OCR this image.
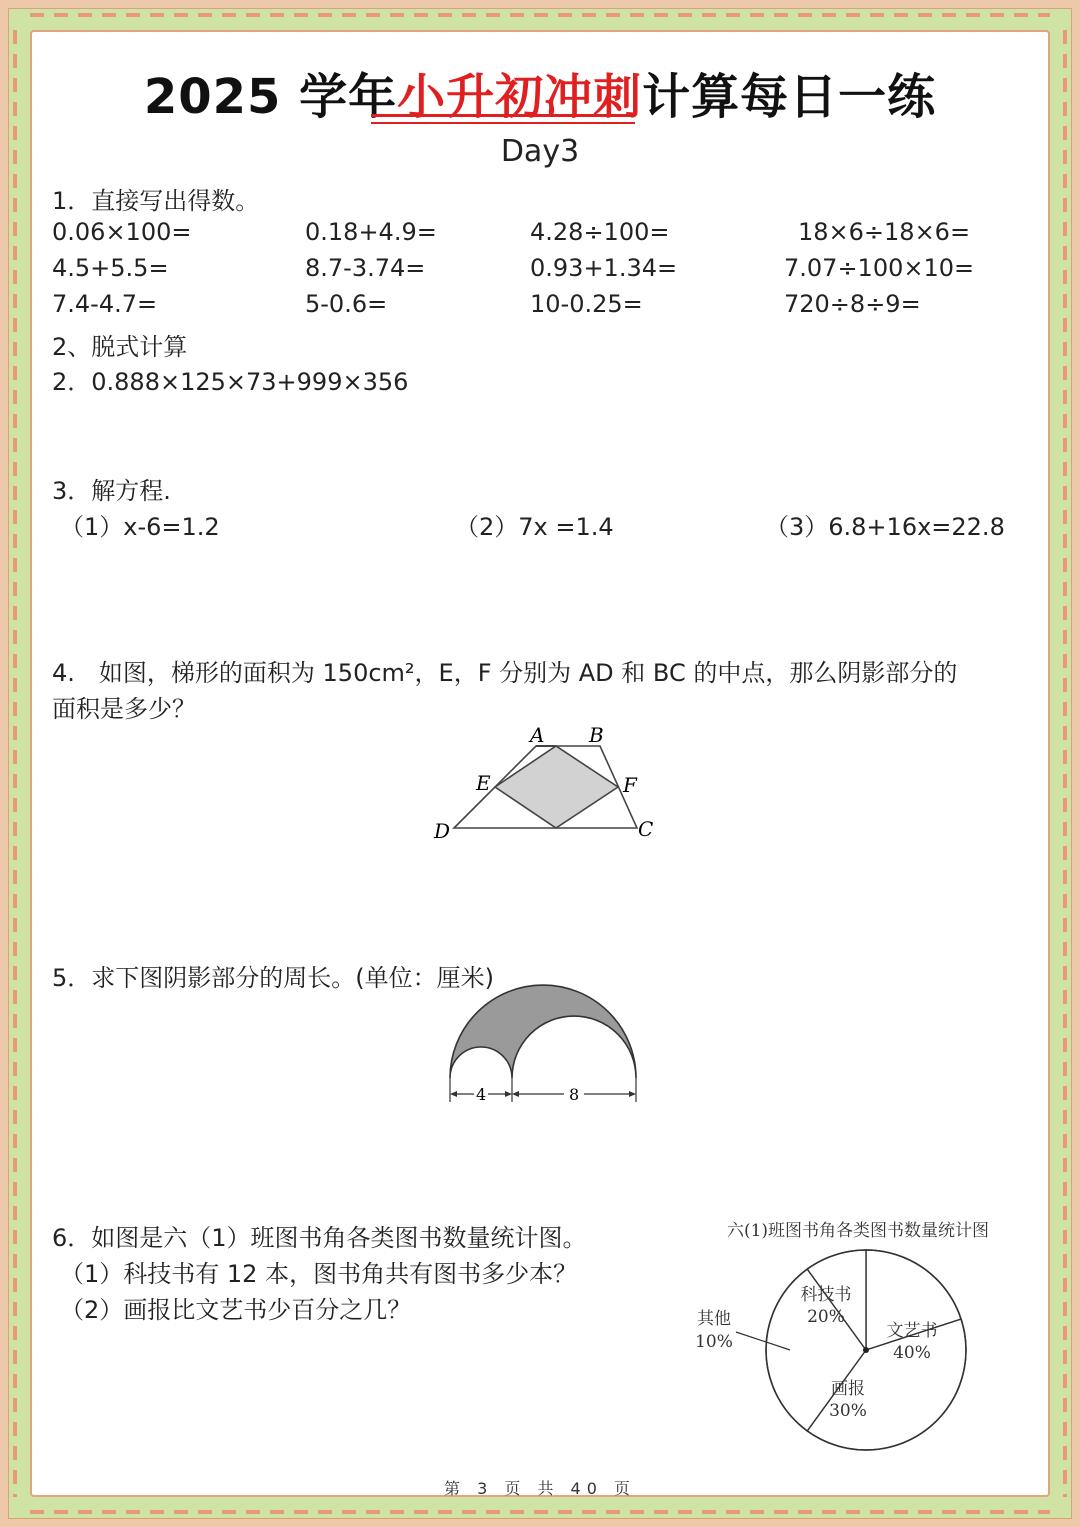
2025 学年小升初冲刺计算每日一练
Day3
1．直接写出得数。
0.06×100=	0.18+4.9=	4.28÷100=	18×6÷18×6=
4.5+5.5=	8.7-3.74=	0.93+1.34=	7.07÷100×10=
7.4-4.7=	5-0.6=	10-0.25=	720÷8÷9=
2、脱式计算
2．0.888×125×73+999×356
3．解方程.
（1）x-6=1.2	（2）7x =1.4	（3）6.8+16x=22.8
4.　如图，梯形的面积为 150cm²，E，F 分别为 AD 和 BC 的中点，那么阴影部分的
面积是多少？
A B
E	F
D	C
5．求下图阴影部分的周长。(单位：厘米)
4	8
6．如图是六（1）班图书角各类图书数量统计图。
（1）科技书有 12 本，图书角共有图书多少本？
（2）画报比文艺书少百分之几？
六(1)班图书角各类图书数量统计图
科技书
20%
文艺书
40%
画报
30%
其他
10%
第 3 页 共 40 页
